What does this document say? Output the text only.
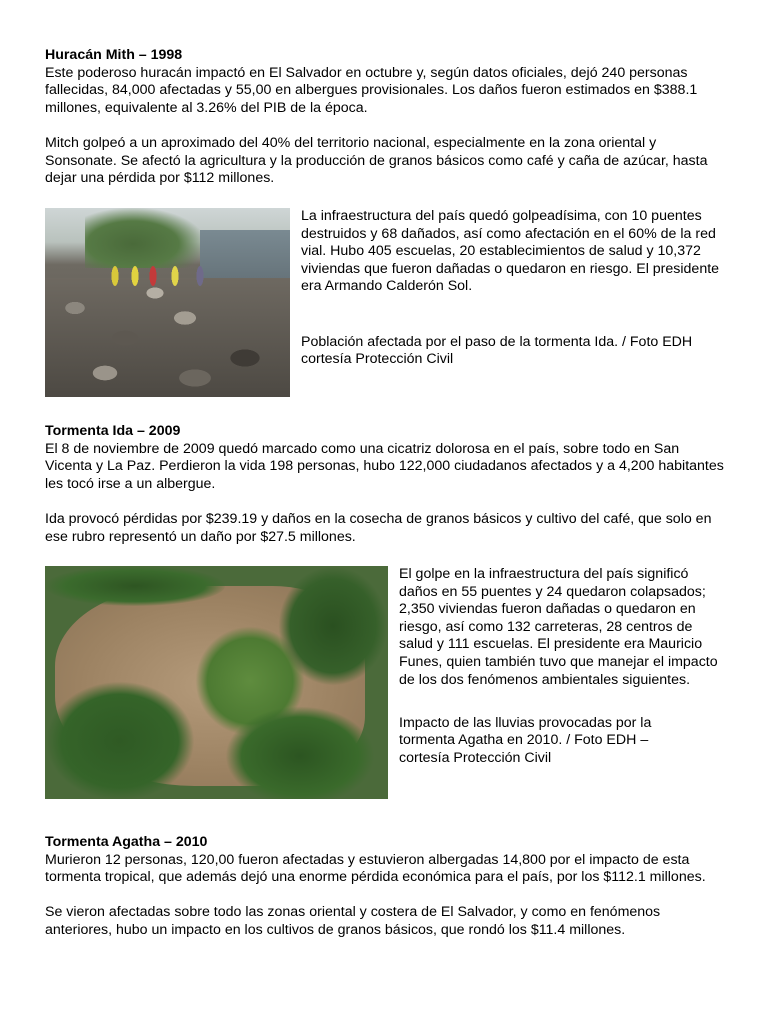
Huracán Mith – 1998

Este poderoso huracán impactó en El Salvador en octubre y, según datos oficiales, dejó 240 personas fallecidas, 84,000 afectadas y 55,00 en albergues provisionales. Los daños fueron estimados en $388.1 millones, equivalente al 3.26% del PIB de la época.

Mitch golpeó a un aproximado del 40% del territorio nacional, especialmente en la zona oriental y Sonsonate. Se afectó la agricultura y la producción de granos básicos como café y caña de azúcar, hasta dejar una pérdida por $112 millones.

La infraestructura del país quedó golpeadísima, con 10 puentes destruidos y 68 dañados, así como afectación en el 60% de la red vial. Hubo 405 escuelas, 20 establecimientos de salud y 10,372 viviendas que fueron dañadas o quedaron en riesgo. El presidente era Armando Calderón Sol.

Población afectada por el paso de la tormenta Ida. / Foto EDH cortesía Protección Civil

Tormenta Ida – 2009

El 8 de noviembre de 2009 quedó marcado como una cicatriz dolorosa en el país, sobre todo en San Vicenta y La Paz. Perdieron la vida 198 personas, hubo 122,000 ciudadanos afectados y a 4,200 habitantes les tocó irse a un albergue.

Ida provocó pérdidas por $239.19 y daños en la cosecha de granos básicos y cultivo del café, que solo en ese rubro representó un daño por $27.5 millones.

El golpe en la infraestructura del país significó daños en 55 puentes y 24 quedaron colapsados; 2,350 viviendas fueron dañadas o quedaron en riesgo, así como 132 carreteras, 28 centros de salud y 111 escuelas. El presidente era Mauricio Funes, quien también tuvo que manejar el impacto de los dos fenómenos ambientales siguientes.

Impacto de las lluvias provocadas por la tormenta Agatha en 2010. / Foto EDH – cortesía Protección Civil

Tormenta Agatha – 2010

Murieron 12 personas, 120,00 fueron afectadas y estuvieron albergadas 14,800 por el impacto de esta tormenta tropical, que además dejó una enorme pérdida económica para el país, por los $112.1 millones.

Se vieron afectadas sobre todo las zonas oriental y costera de El Salvador, y como en fenómenos anteriores, hubo un impacto en los cultivos de granos básicos, que rondó los $11.4 millones.
